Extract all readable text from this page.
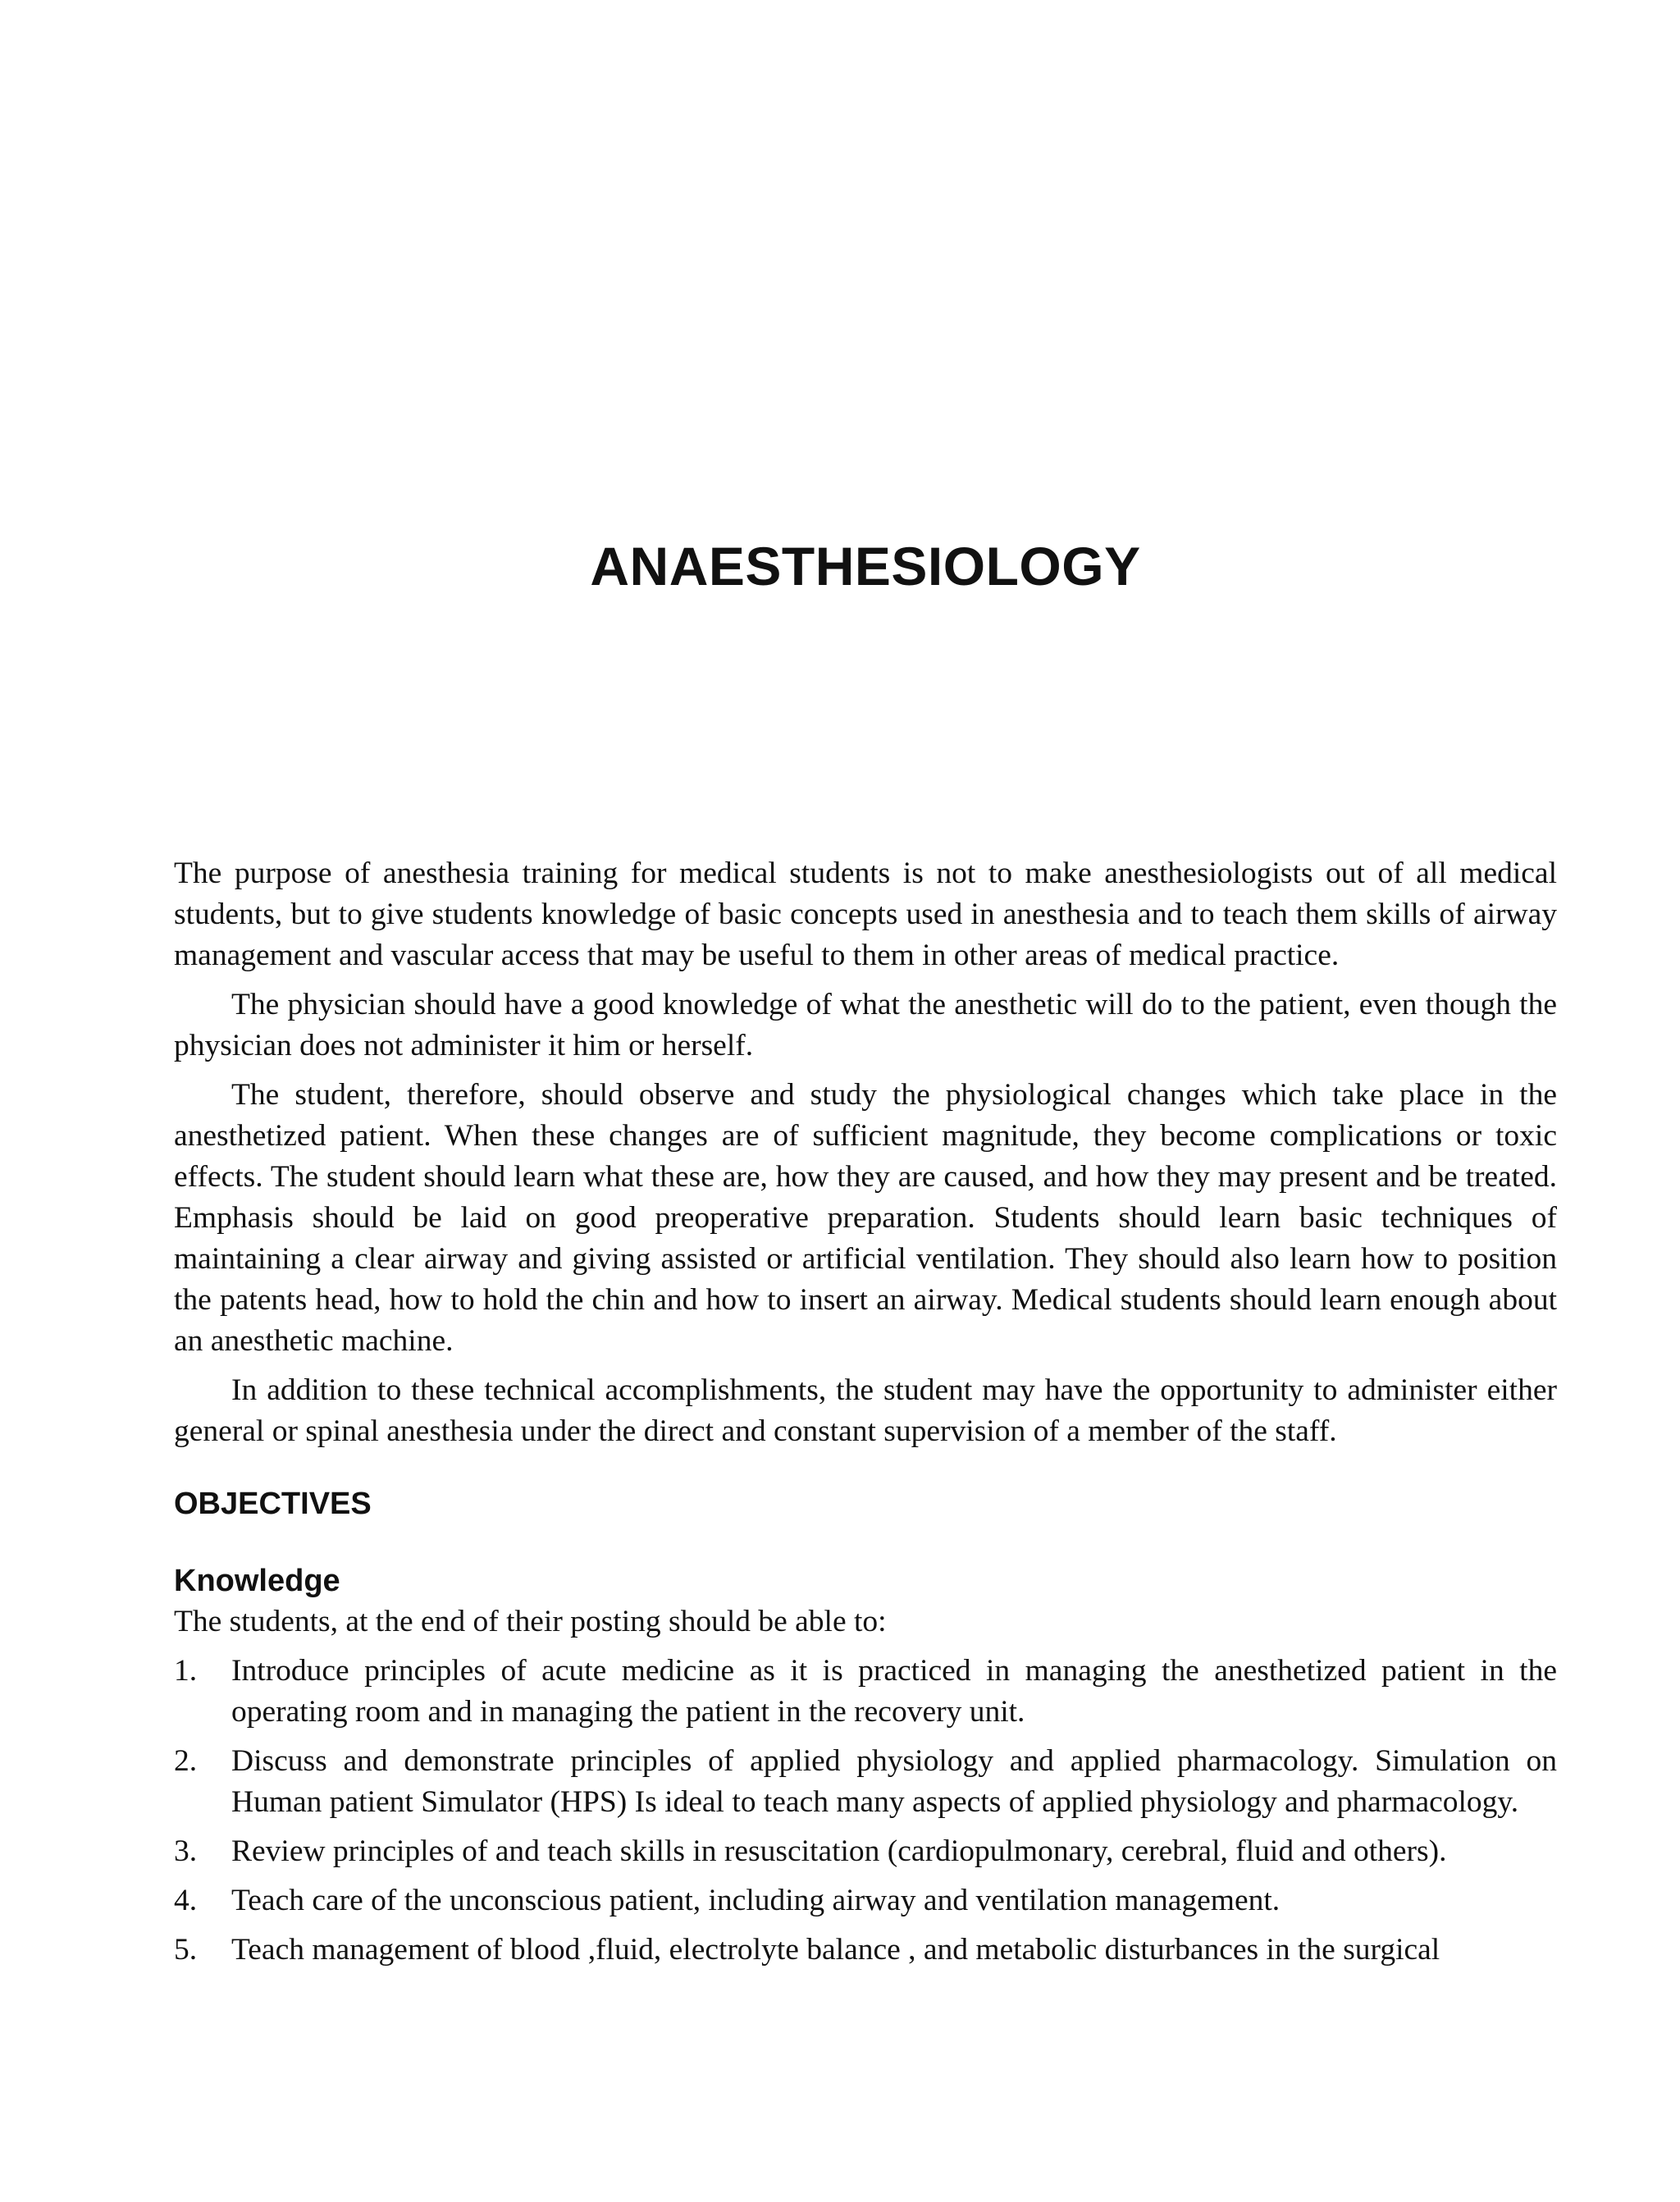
ANAESTHESIOLOGY

The purpose of anesthesia training for medical students is not to make anesthesiologists out of all medical students, but to give students knowledge of basic concepts used in anesthesia and to teach them skills of airway management and vascular access that may be useful to them in other areas of medical practice.

The physician should have a good knowledge of what the anesthetic will do to the patient, even though the physician does not administer it him or herself.

The student, therefore, should observe and study the physiological changes which take place in the anesthetized patient. When these changes are of sufficient magnitude, they become complications or toxic effects. The student should learn what these are, how they are caused, and how they may present and be treated. Emphasis should be laid on good preoperative preparation. Students should learn basic techniques of maintaining a clear airway and giving assisted or artificial ventilation. They should also learn how to position the patents head, how to hold the chin and how to insert an airway. Medical students should learn enough about an anesthetic machine.

In addition to these technical accomplishments, the student may have the opportunity to administer either general or spinal anesthesia under the direct and constant supervision of a member of the staff.

OBJECTIVES
Knowledge

The students, at the end of their posting should be able to:

1. Introduce principles of acute medicine as it is practiced in managing the anesthetized patient in the operating room and in managing the patient in the recovery unit.
2. Discuss and demonstrate principles of applied physiology and applied pharmacology. Simulation on Human patient Simulator (HPS) Is ideal to teach many aspects of applied physiology and pharmacology.
3. Review principles of and teach skills in resuscitation (cardiopulmonary, cerebral, fluid and others).
4. Teach care of the unconscious patient, including airway and ventilation management.
5. Teach management of blood ,fluid, electrolyte balance , and metabolic disturbances in the surgical
